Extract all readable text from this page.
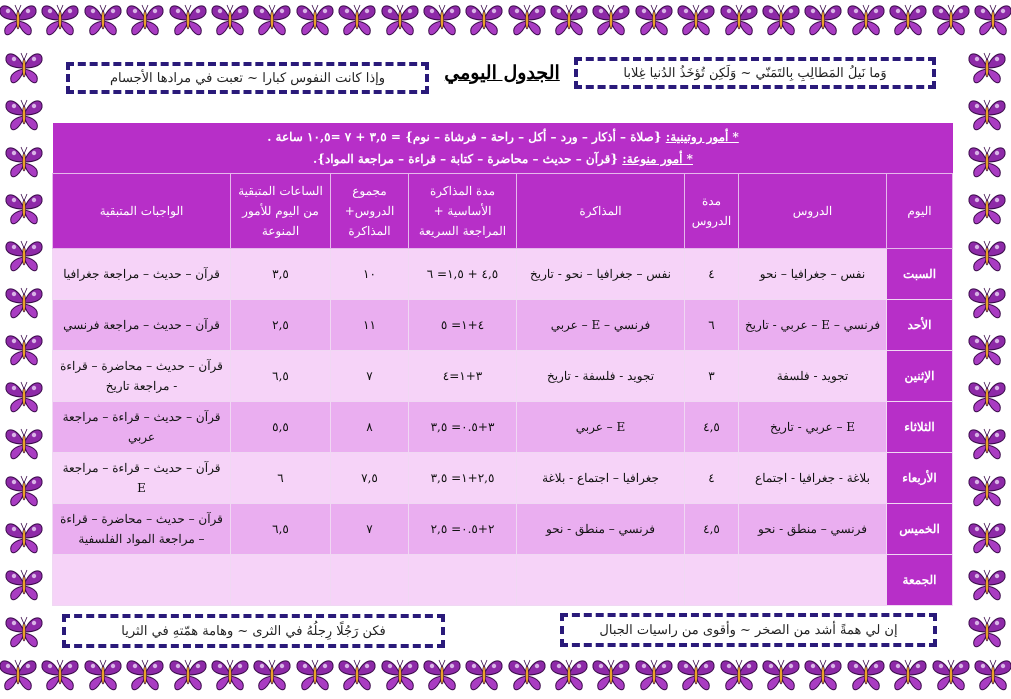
وَما نَيلُ المَطالِبِ بِالتَمَنّي ~ وَلَكِن تُؤخَذُ الدُنيا غِلابا
الجدول اليومي
وإذا كانت النفوس كبارا ~ تعبت في مرادها الأجسام
* أمور روتينية: {صلاة – أذكار – ورد – أكل – راحة – فرشاة – نوم} = ٣,٥ + ٧ =١٠,٥ ساعة .
* أمور منوعة: {قرآن – حديث – محاضرة – كتابة – قراءة – مراجعة المواد}.
اليوم	الدروس	مدة الدروس	المذاكرة	مدة المذاكرة الأساسية + المراجعة السريعة	مجموع الدروس+ المذاكرة	الساعات المتبقية من اليوم للأمور المنوعة	الواجبات المتبقية
السبت	نفس – جغرافيا – نحو	٤	نفس – جغرافيا – نحو - تاريخ	٤,٥ + ١,٥= ٦	١٠	٣,٥	قرآن – حديث – مراجعة جغرافيا
الأحد	فرنسي – E – عربي - تاريخ	٦	فرنسي – E – عربي	٤+١= ٥	١١	٢,٥	قرآن – حديث – مراجعة فرنسي
الإثنين	تجويد - فلسفة	٣	تجويد - فلسفة - تاريخ	٣+١=٤	٧	٦,٥	قرآن – حديث – محاضرة – قراءة - مراجعة تاريخ
الثلاثاء	E – عربي - تاريخ	٤,٥	E – عربي	٣+٠.٥= ٣,٥	٨	٥,٥	قرآن – حديث – قراءة – مراجعة عربي
الأربعاء	بلاغة - جغرافيا - اجتماع	٤	جغرافيا – اجتماع - بلاغة	٢,٥+١= ٣,٥	٧,٥	٦	قرآن – حديث – قراءة – مراجعة E
الخميس	فرنسي – منطق - نحو	٤,٥	فرنسي – منطق - نحو	٢+٠.٥= ٢,٥	٧	٦,٥	قرآن – حديث – محاضرة – قراءة – مراجعة المواد الفلسفية
الجمعة							
إن لي همةً أشد من الصخر ~ وأقوى من راسيات الجبال
فكن رَجُلًا رِجلُهُ في الثرى ~ وهامة همّتهِ في الثريا
